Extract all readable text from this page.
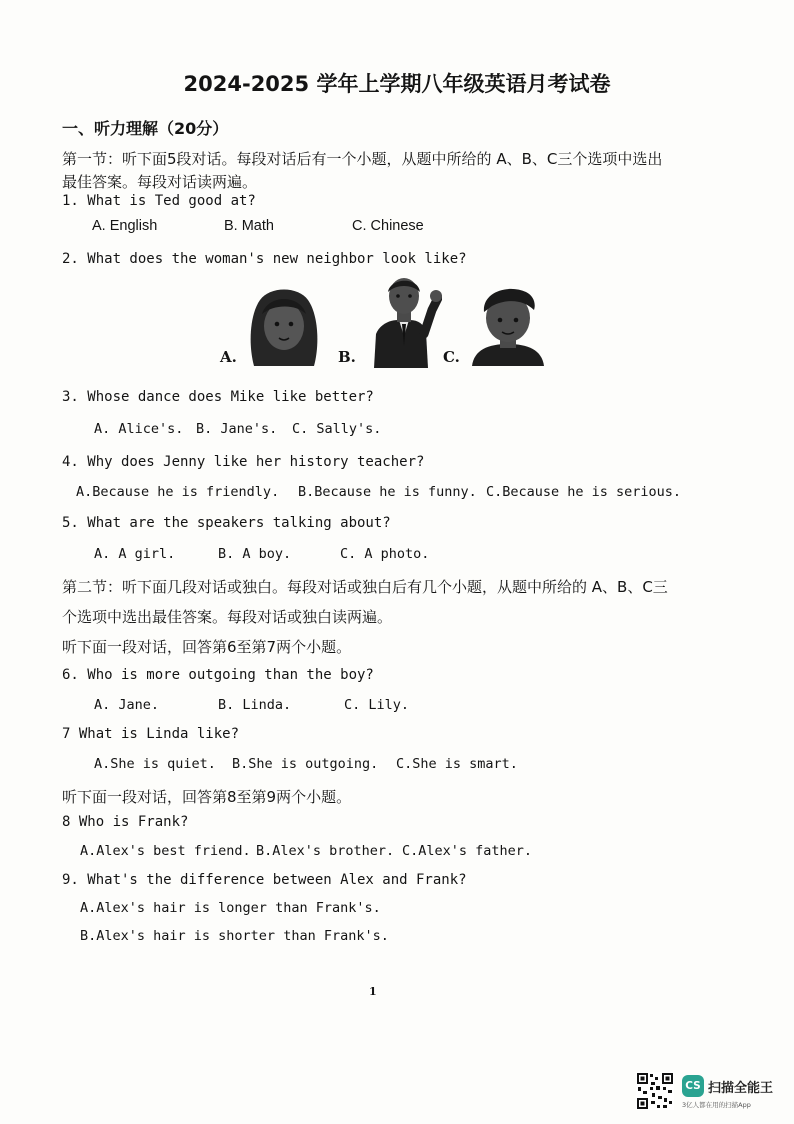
2024-2025 学年上学期八年级英语月考试卷
一、听力理解（20分）
第一节：听下面5段对话。每段对话后有一个小题，从题中所给的 A、B、C三个选项中选出
最佳答案。每段对话读两遍。
1. What is Ted good at?
A. English	B. Math	C. Chinese
2. What does the woman's new neighbor look like?
A.	B.	C.
3. Whose dance does Mike like better?
A. Alice's. B. Jane's. C. Sally's.
4. Why does Jenny like her history teacher?
A.Because he is friendly. B.Because he is funny. C.Because he is serious.
5. What are the speakers talking about?
A. A girl.	B. A boy.	C. A photo.
第二节：听下面几段对话或独白。每段对话或独白后有几个小题，从题中所给的 A、B、C三
个选项中选出最佳答案。每段对话或独白读两遍。
听下面一段对话，回答第6至第7两个小题。
6. Who is more outgoing than the boy?
A. Jane.	B. Linda.	C. Lily.
7 What is Linda like?
A.She is quiet. B.She is outgoing. C.She is smart.
听下面一段对话，回答第8至第9两个小题。
8 Who is Frank?
A.Alex's best friend. B.Alex's brother. C.Alex's father.
9. What's the difference between Alex and Frank?
A.Alex's hair is longer than Frank's.
B.Alex's hair is shorter than Frank's.
1
CS 扫描全能王
3亿人都在用的扫描App
